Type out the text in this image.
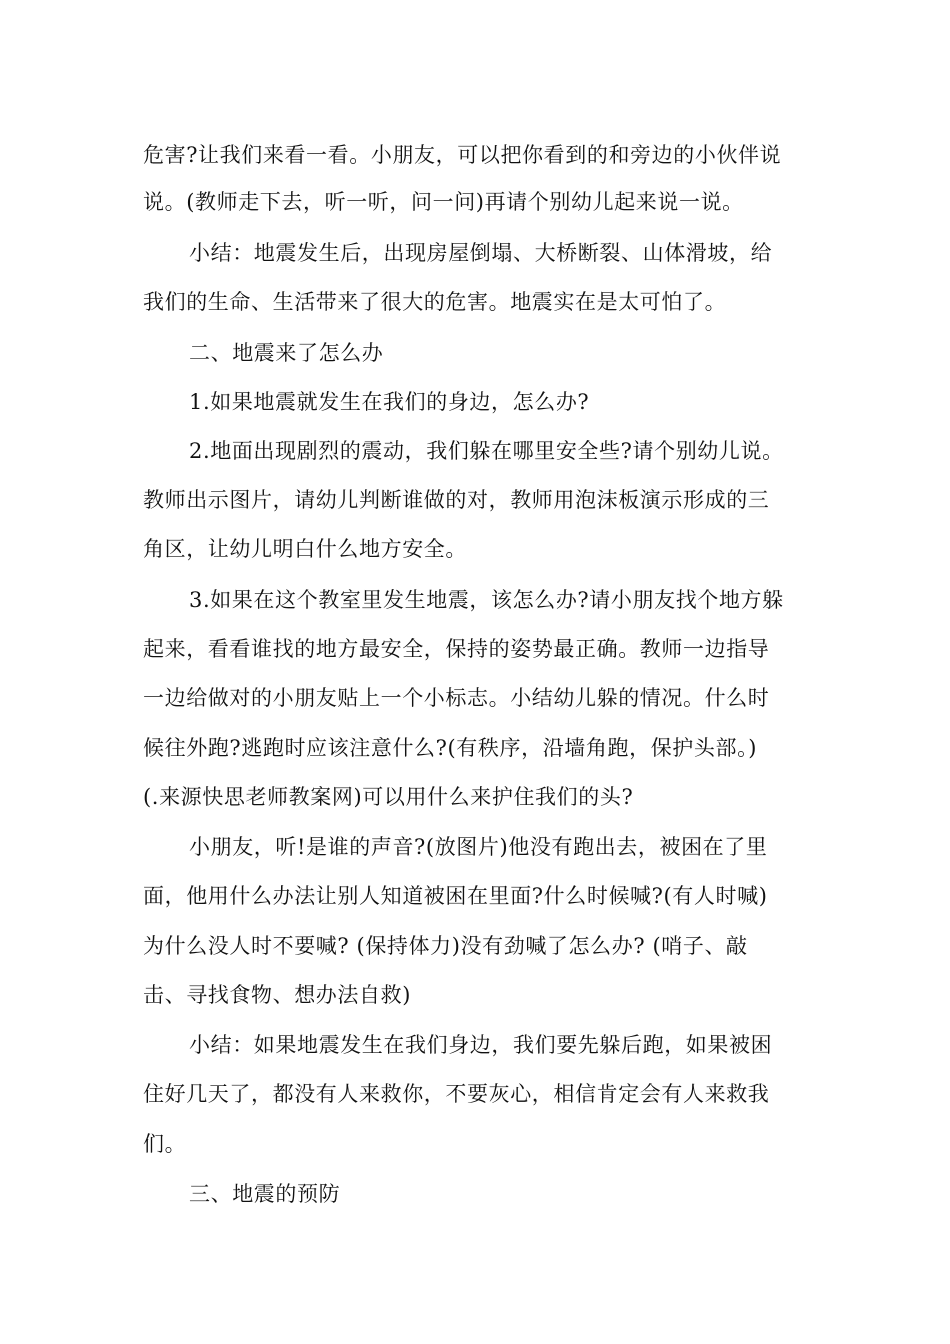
危害?让我们来看一看。小朋友，可以把你看到的和旁边的小伙伴说
说。(教师走下去，听一听，问一问)再请个别幼儿起来说一说。
小结：地震发生后，出现房屋倒塌、大桥断裂、山体滑坡，给
我们的生命、生活带来了很大的危害。地震实在是太可怕了。
二、地震来了怎么办
1.如果地震就发生在我们的身边，怎么办?
2.地面出现剧烈的震动，我们躲在哪里安全些?请个别幼儿说。
教师出示图片，请幼儿判断谁做的对，教师用泡沫板演示形成的三
角区，让幼儿明白什么地方安全。
3.如果在这个教室里发生地震，该怎么办?请小朋友找个地方躲
起来，看看谁找的地方最安全，保持的姿势最正确。教师一边指导
一边给做对的小朋友贴上一个小标志。小结幼儿躲的情况。什么时
候往外跑?逃跑时应该注意什么?(有秩序，沿墙角跑，保护头部。)
(.来源快思老师教案网)可以用什么来护住我们的头?
小朋友，听!是谁的声音?(放图片)他没有跑出去，被困在了里
面，他用什么办法让别人知道被困在里面?什么时候喊?(有人时喊)
为什么没人时不要喊? (保持体力)没有劲喊了怎么办? (哨子、敲
击、寻找食物、想办法自救)
小结：如果地震发生在我们身边，我们要先躲后跑，如果被困
住好几天了，都没有人来救你，不要灰心，相信肯定会有人来救我
们。
三、地震的预防
